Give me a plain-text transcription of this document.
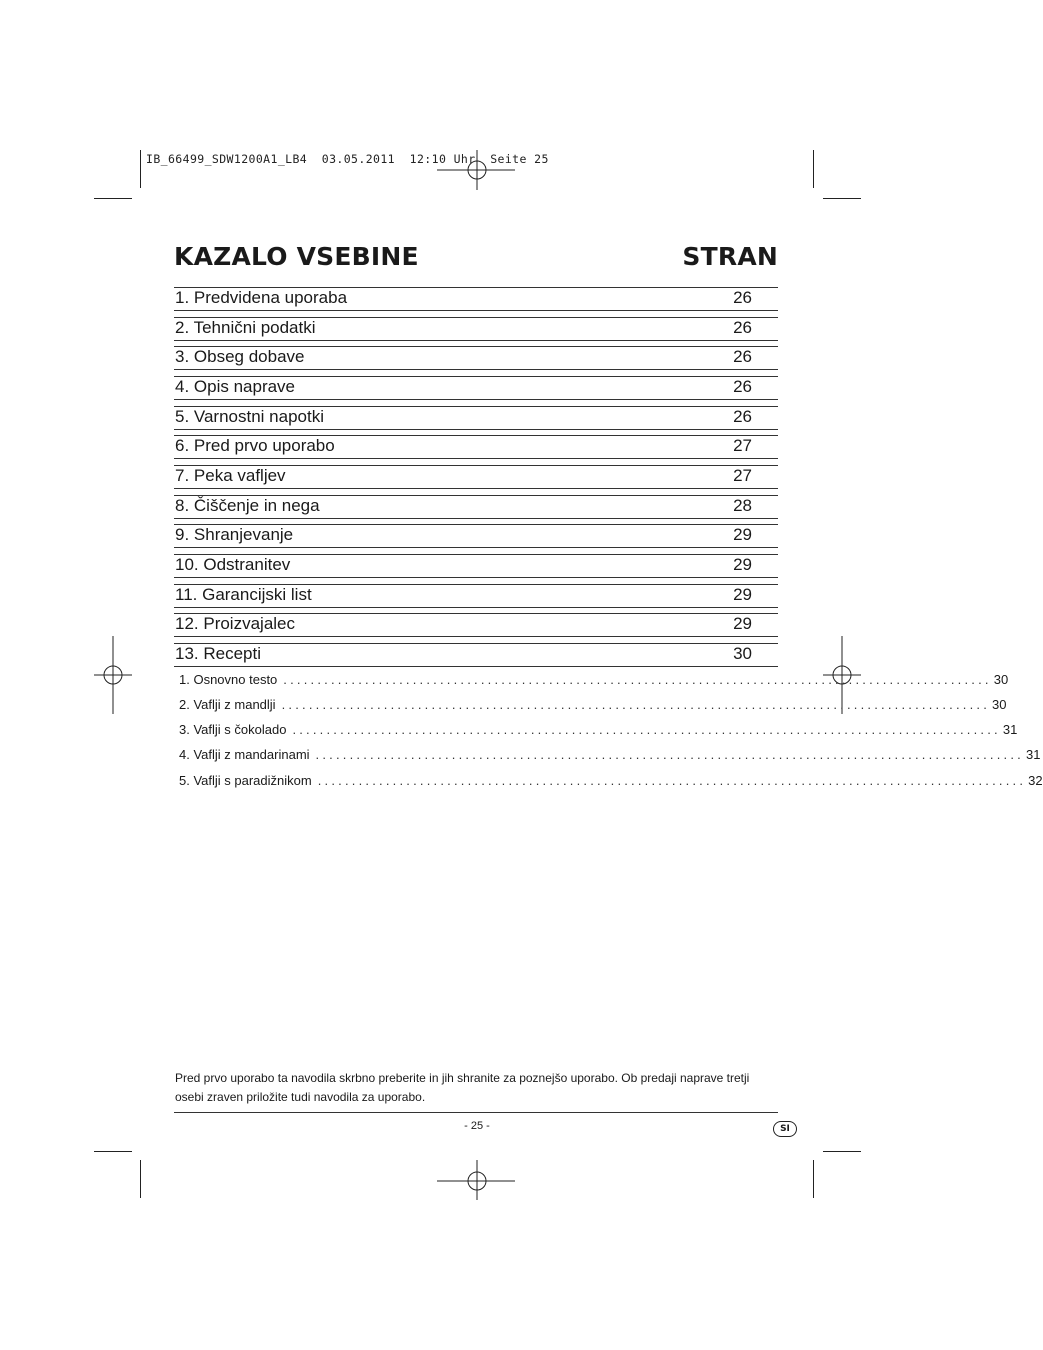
IB_66499_SDW1200A1_LB4  03.05.2011  12:10 Uhr  Seite 25
KAZALO VSEBINE	STRAN
1. Predvidena uporaba	26
2. Tehnični podatki	26
3. Obseg dobave	26
4. Opis naprave	26
5. Varnostni napotki	26
6. Pred prvo uporabo	27
7. Peka vafljev	27
8. Čiščenje in nega	28
9. Shranjevanje	29
10. Odstranitev	29
11. Garancijski list	29
12. Proizvajalec	29
13. Recepti	30
1. Osnovno testo ........................................................................................................ 30
2. Vaflji z mandlji ........................................................................................................ 30
3. Vaflji s čokolado ........................................................................................................ 31
4. Vaflji z mandarinami ........................................................................................................ 31
5. Vaflji s paradižnikom ........................................................................................................ 32
Pred prvo uporabo ta navodila skrbno preberite in jih shranite za poznejšo uporabo. Ob predaji naprave tretji osebi zraven priložite tudi navodila za uporabo.
- 25 -	SI
